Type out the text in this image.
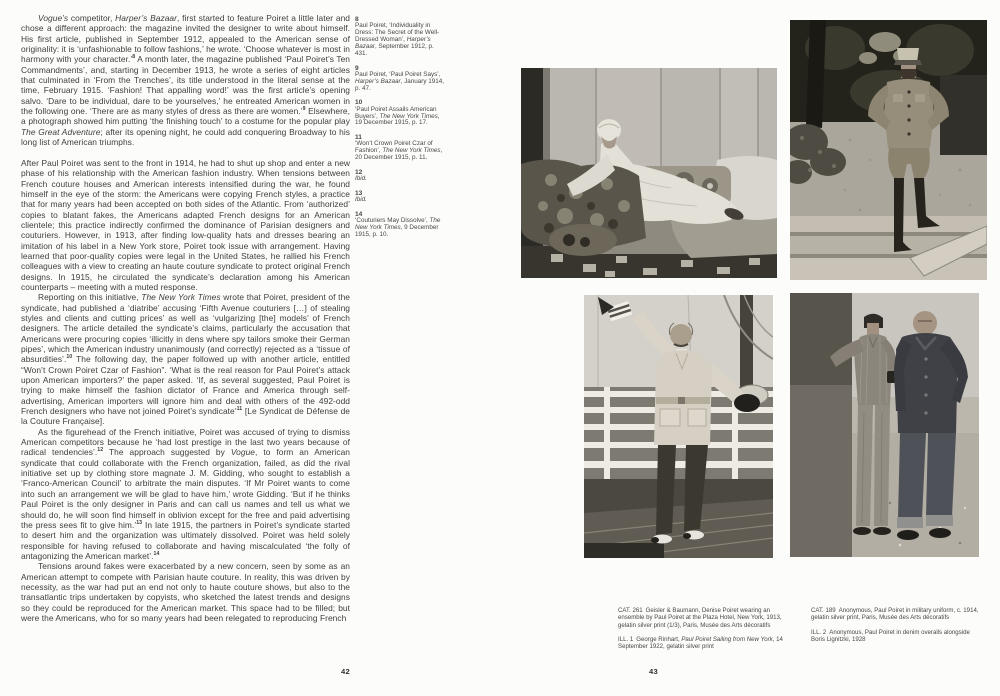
Vogue’s competitor, Harper’s Bazaar, first started to feature Poiret a little later and chose a different approach: the magazine invited the designer to write about himself. His first article, published in September 1912, appealed to the American sense of originality: it is ‘unfashionable to follow fashions,’ he wrote. ‘Choose whatever is most in harmony with your character.’$^8$ A month later, the magazine published ‘Paul Poiret’s Ten Commandments’, and, starting in December 1913, he wrote a series of eight articles that culminated in ‘From the Trenches’, its title understood in the literal sense at the time, February 1915. ‘Fashion! That appalling word!’ was the first article’s opening salvo. ‘Dare to be individual, dare to be yourselves,’ he entreated American women in the following one. ‘There are as many styles of dress as there are women.’$^9$ Elsewhere, a photograph showed him putting ‘the finishing touch’ to a costume for the popular play The Great Adventure; after its opening night, he could add conquering Broadway to his long list of American triumphs.

After Paul Poiret was sent to the front in 1914, he had to shut up shop and enter a new phase of his relationship with the American fashion industry. When tensions between French couture houses and American interests intensified during the war, he found himself in the eye of the storm: the Americans were copying French styles, a practice that for many years had been accepted on both sides of the Atlantic. From ‘authorized’ copies to blatant fakes, the Americans adapted French designs for an American clientele; this practice indirectly confirmed the dominance of Parisian designers and couturiers. However, in 1913, after finding low-quality hats and dresses bearing an imitation of his label in a New York store, Poiret took issue with arrangement. Having learned that poor-quality copies were legal in the United States, he rallied his French colleagues with a view to creating an haute couture syndicate to protect original French designs. In 1915, he circulated the syndicate’s declaration among his American counterparts – meeting with a muted response.

Reporting on this initiative, The New York Times wrote that Poiret, president of the syndicate, had published a ‘diatribe’ accusing ‘Fifth Avenue couturiers […] of stealing styles and clients and cutting prices’ as well as ‘vulgarizing [the] models’ of French designers. The article detailed the syndicate’s claims, particularly the accusation that Americans were procuring copies ‘illicitly in dens where spy tailors smoke their German pipes’, which the American industry unanimously (and correctly) rejected as a ‘tissue of absurdities’.$^{10}$ The following day, the paper followed up with another article, entitled “Won’t Crown Poiret Czar of Fashion”. ‘What is the real reason for Paul Poiret’s attack upon American importers?’ the paper asked. ‘If, as several suggested, Paul Poiret is trying to make himself the fashion dictator of France and America through self-advertising, American importers will ignore him and deal with others of the 492-odd French designers who have not joined Poiret’s syndicate’$^{11}$ [Le Syndicat de Défense de la Couture Française].

As the figurehead of the French initiative, Poiret was accused of trying to dismiss American competitors because he ‘had lost prestige in the last two years because of radical tendencies’.$^{12}$ The approach suggested by Vogue, to form an American syndicate that could collaborate with the French organization, failed, as did the rival initiative set up by clothing store magnate J. M. Gidding, who sought to establish a ‘Franco-American Council’ to arbitrate the main disputes. ‘If Mr Poiret wants to come into such an arrangement we will be glad to have him,’ wrote Gidding. ‘But if he thinks Paul Poiret is the only designer in Paris and can call us names and tell us what we should do, he will soon find himself in oblivion except for the free and paid advertising the press sees fit to give him.’$^{13}$ In late 1915, the partners in Poiret’s syndicate started to desert him and the organization was ultimately dissolved. Poiret was held solely responsible for having refused to collaborate and having miscalculated ‘the folly of antagonizing the American market’.$^{14}$

Tensions around fakes were exacerbated by a new concern, seen by some as an American attempt to compete with Parisian haute couture. In reality, this was driven by necessity, as the war had put an end not only to haute couture shows, but also to the transatlantic trips undertaken by copyists, who sketched the latest trends and designs so they could be reproduced for the American market. This space had to be filled; but were the Americans, who for so many years had been relegated to reproducing French

8
Paul Poiret, ‘Individuality in Dress: The Secret of the Well-Dressed Woman’, Harper’s Bazaar, September 1912, p. 431.
9
Paul Poiret, ‘Paul Poiret Says’, Harper’s Bazaar, January 1914, p. 47.
10
‘Paul Poiret Assails American Buyers’, The New York Times, 19 December 1915, p. 17.
11
‘Won’t Crown Poiret Czar of Fashion’, The New York Times, 20 December 1915, p. 11.
12
Ibid.
13
Ibid.
14
‘Couturiers May Dissolve’, The New York Times, 9 December 1915, p. 10.
42

CAT. 261 Geisler & Baumann, Denise Poiret wearing an ensemble by Paul Poiret at the Plaza Hotel, New York, 1913, gelatin silver print (1/3), Paris, Musée des Arts décoratifs

ILL. 1 George Rinhart, Paul Poiret Sailing from New York, 14 September 1922, gelatin silver print

CAT. 189 Anonymous, Paul Poiret in military uniform, c. 1914, gelatin silver print, Paris, Musée des Arts décoratifs

ILL. 2 Anonymous, Paul Poiret in denim overalls alongside Boris Lignitzki, 1928

43
